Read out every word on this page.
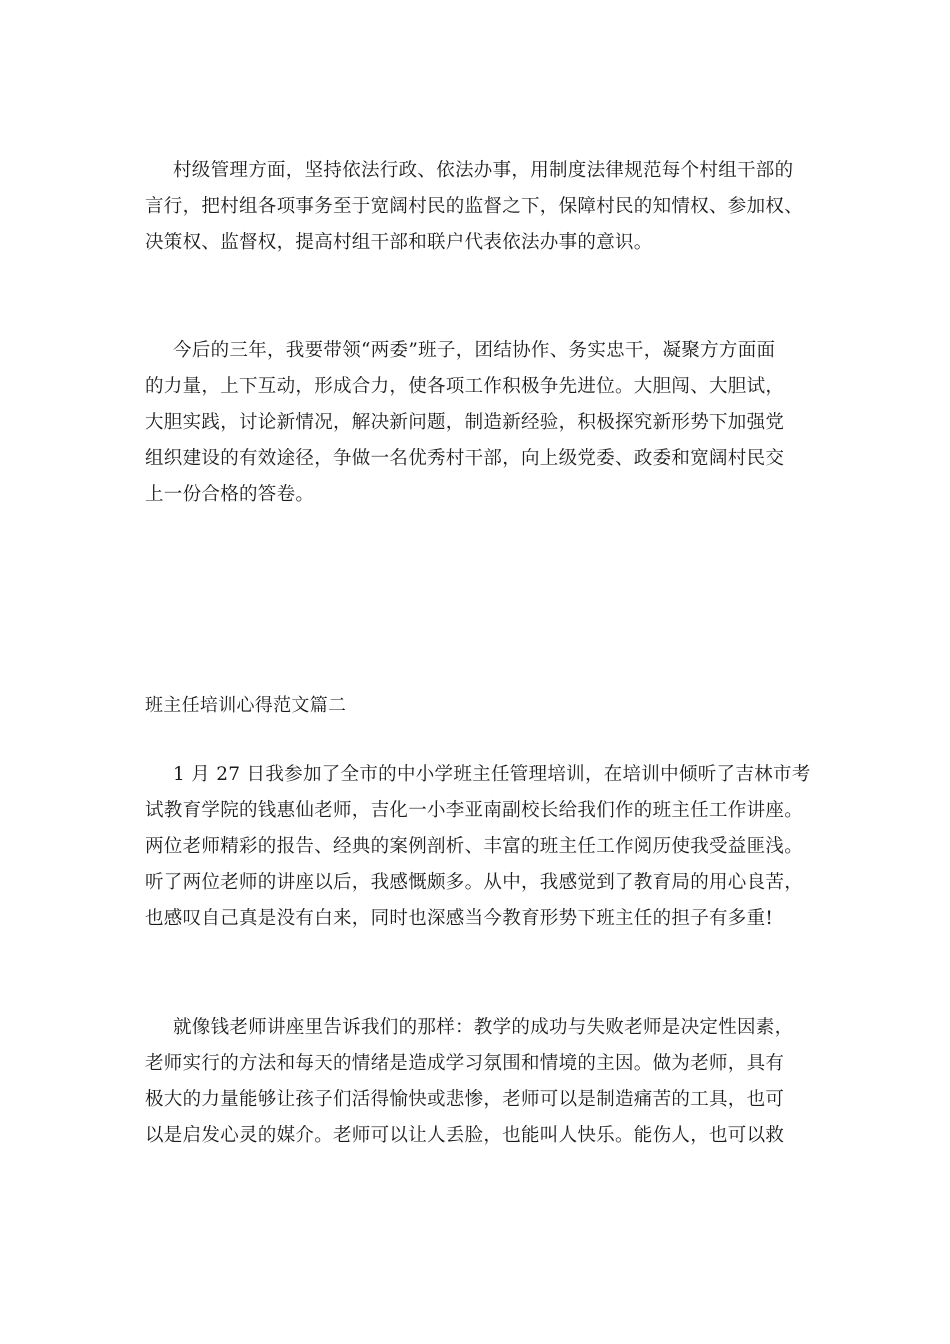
村级管理方面，坚持依法行政、依法办事，用制度法律规范每个村组干部的
言行，把村组各项事务至于宽阔村民的监督之下，保障村民的知情权、参加权、
决策权、监督权，提高村组干部和联户代表依法办事的意识。

今后的三年，我要带领“两委”班子，团结协作、务实忠干，凝聚方方面面
的力量，上下互动，形成合力，使各项工作积极争先进位。大胆闯、大胆试，
大胆实践，讨论新情况，解决新问题，制造新经验，积极探究新形势下加强党
组织建设的有效途径，争做一名优秀村干部，向上级党委、政委和宽阔村民交
上一份合格的答卷。

班主任培训心得范文篇二

1 月 27 日我参加了全市的中小学班主任管理培训，在培训中倾听了吉林市考
试教育学院的钱惠仙老师，吉化一小李亚南副校长给我们作的班主任工作讲座。
两位老师精彩的报告、经典的案例剖析、丰富的班主任工作阅历使我受益匪浅。
听了两位老师的讲座以后，我感慨颇多。从中，我感觉到了教育局的用心良苦，
也感叹自己真是没有白来，同时也深感当今教育形势下班主任的担子有多重!

就像钱老师讲座里告诉我们的那样：教学的成功与失败老师是决定性因素，
老师实行的方法和每天的情绪是造成学习氛围和情境的主因。做为老师，具有
极大的力量能够让孩子们活得愉快或悲惨，老师可以是制造痛苦的工具，也可
以是启发心灵的媒介。老师可以让人丢脸，也能叫人快乐。能伤人，也可以救
